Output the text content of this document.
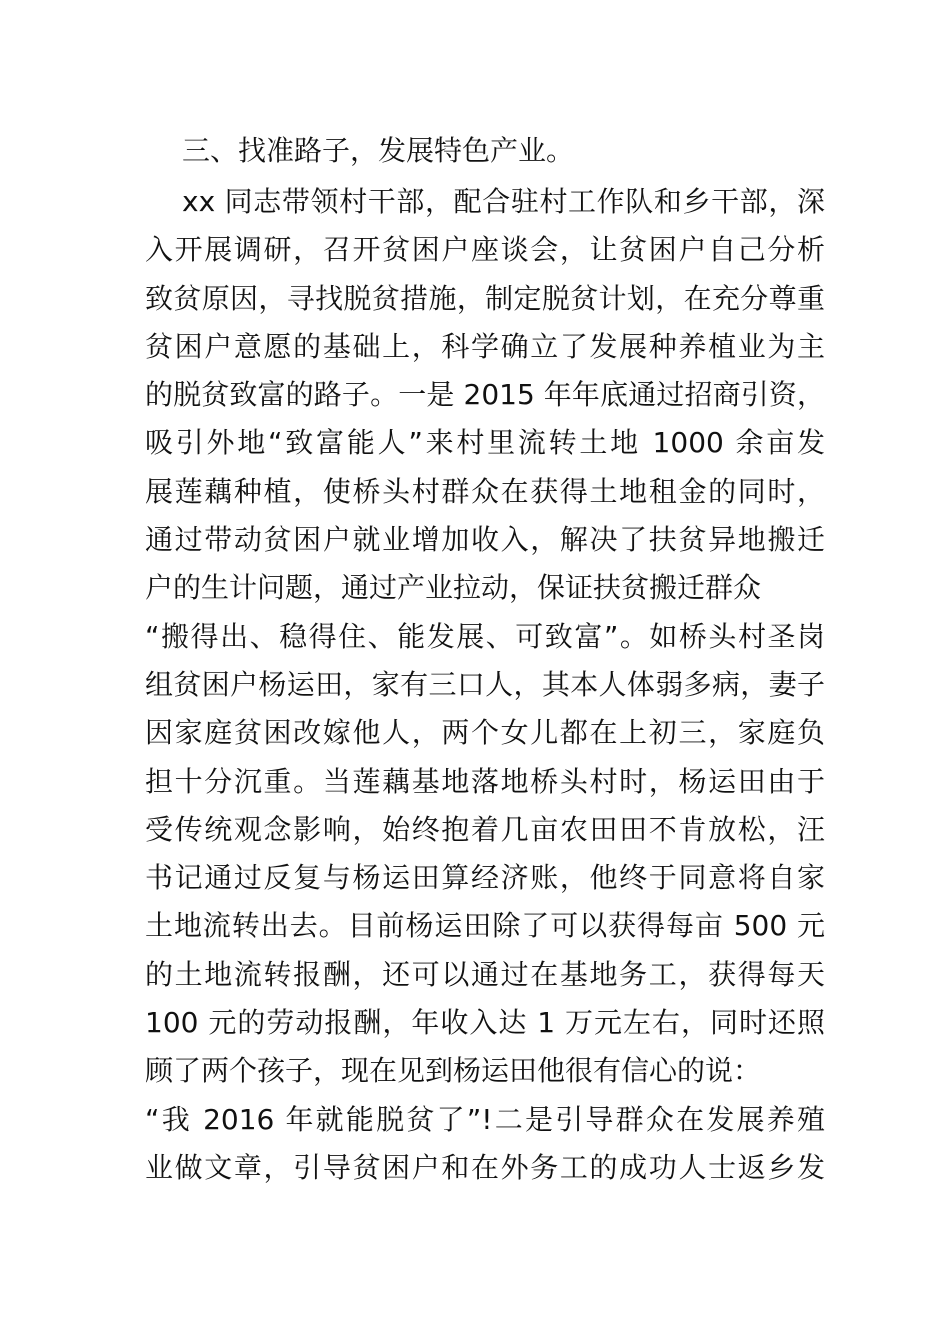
三、找准路子，发展特色产业。
xx 同志带领村干部，配合驻村工作队和乡干部，深
入开展调研，召开贫困户座谈会，让贫困户自己分析
致贫原因，寻找脱贫措施，制定脱贫计划，在充分尊重
贫困户意愿的基础上，科学确立了发展种养植业为主
的脱贫致富的路子。一是 2015 年年底通过招商引资，
吸引外地“致富能人”来村里流转土地 1000 余亩发
展莲藕种植，使桥头村群众在获得土地租金的同时，
通过带动贫困户就业增加收入，解决了扶贫异地搬迁
户的生计问题，通过产业拉动，保证扶贫搬迁群众
“搬得出、稳得住、能发展、可致富”。如桥头村圣岗
组贫困户杨运田，家有三口人，其本人体弱多病，妻子
因家庭贫困改嫁他人，两个女儿都在上初三，家庭负
担十分沉重。当莲藕基地落地桥头村时，杨运田由于
受传统观念影响，始终抱着几亩农田田不肯放松，汪
书记通过反复与杨运田算经济账，他终于同意将自家
土地流转出去。目前杨运田除了可以获得每亩 500 元
的土地流转报酬，还可以通过在基地务工，获得每天
100 元的劳动报酬，年收入达 1 万元左右，同时还照
顾了两个孩子，现在见到杨运田他很有信心的说：
“我 2016 年就能脱贫了”!二是引导群众在发展养殖
业做文章，引导贫困户和在外务工的成功人士返乡发
